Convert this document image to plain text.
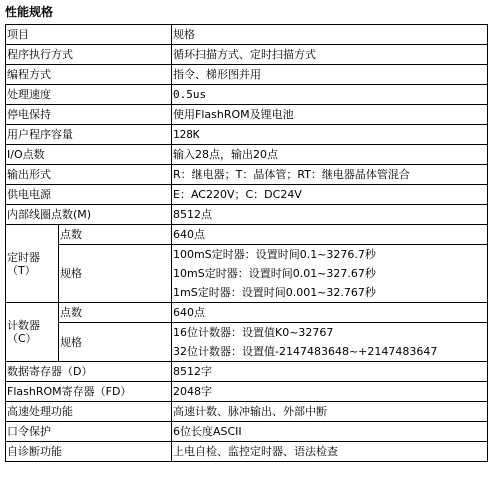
性能规格
项目		规格
程序执行方式		循环扫描方式、定时扫描方式
编程方式		指令、梯形图并用
处理速度		0.5us
停电保持		使用FlashROM及锂电池
用户程序容量		128K
I/O点数		输入28点，输出20点
输出形式		R：继电器；T：晶体管；RT：继电器晶体管混合
供电电源		E：AC220V；C：DC24V
内部线圈点数(M)		8512点

定时器
（T）	点数	640点
	规格	100mS定时器：设置时间0.1~3276.7秒
10mS定时器：设置时间0.01~327.67秒
1mS定时器：设置时间0.001~32.767秒

计数器
（C）	点数	640点
	规格	16位计数器：设置值K0~32767
32位计数器：设置值-2147483648~+2147483647

数据寄存器（D）		8512字
FlashROM寄存器（FD）		2048字
高速处理功能		高速计数、脉冲输出、外部中断
口令保护		6位长度ASCII
自诊断功能		上电自检、监控定时器、语法检查
